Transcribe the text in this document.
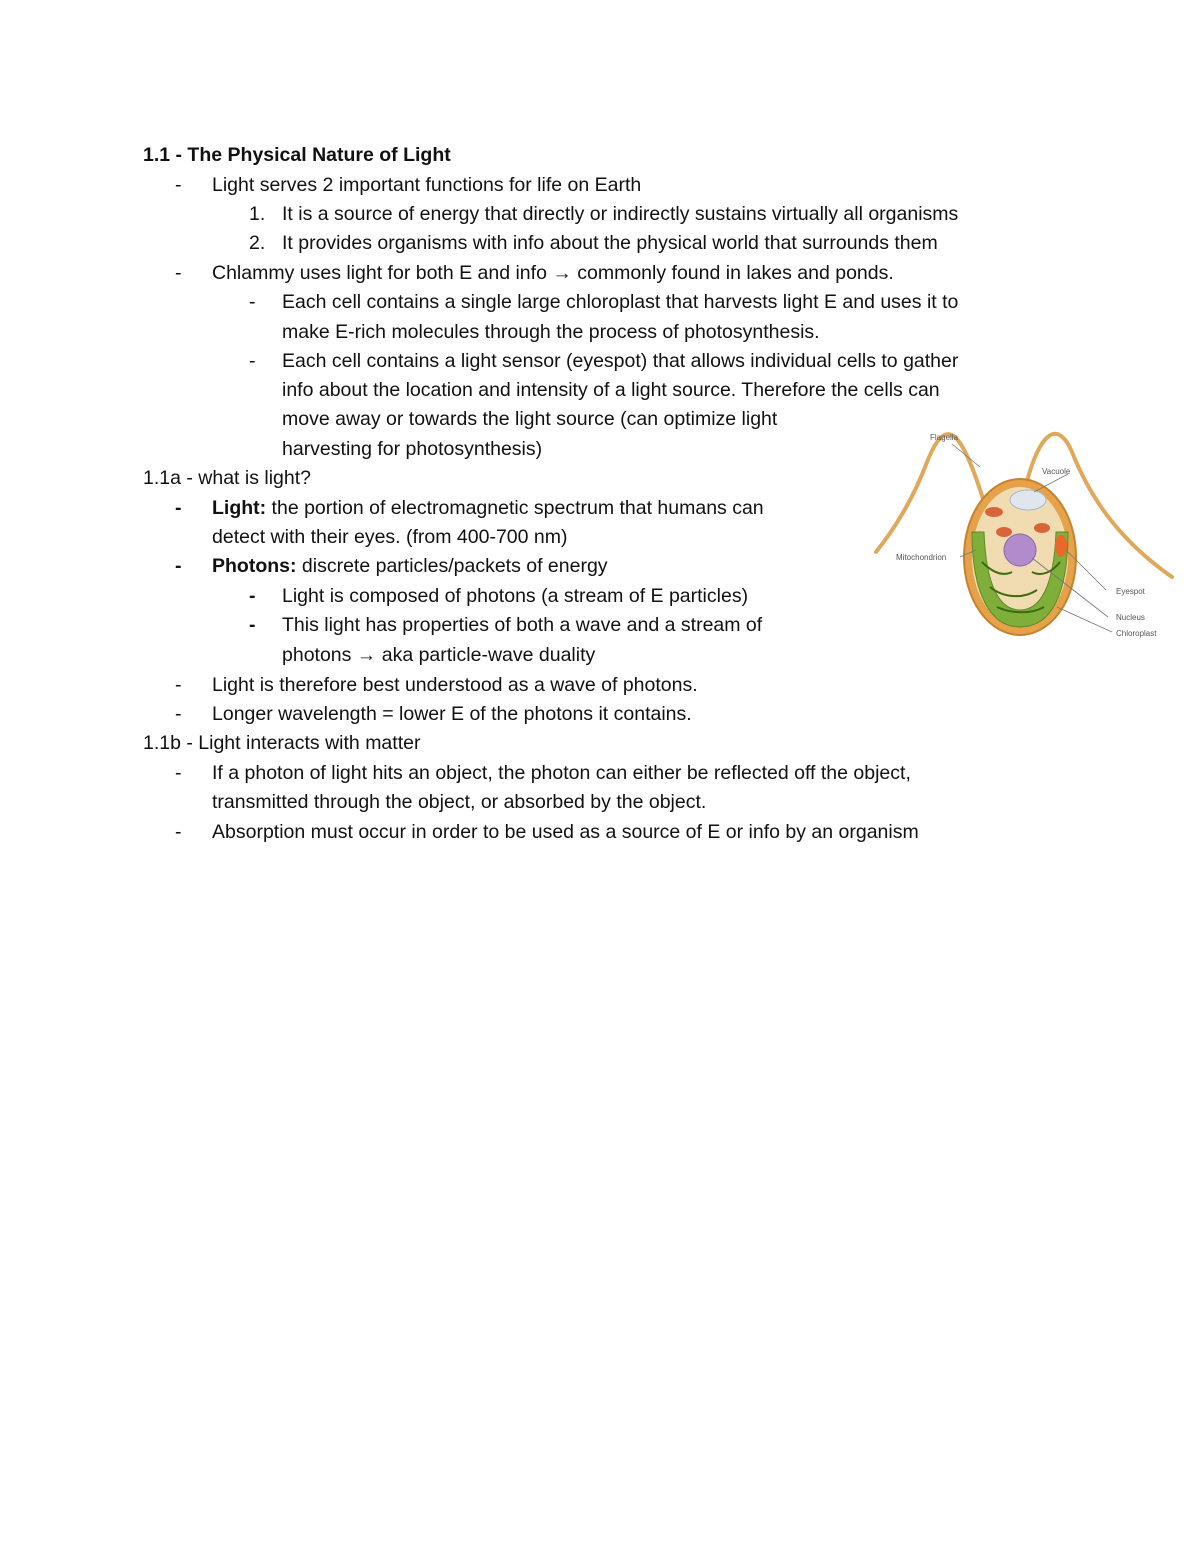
1.1 - The Physical Nature of Light
- Light serves 2 important functions for life on Earth
1. It is a source of energy that directly or indirectly sustains virtually all organisms
2. It provides organisms with info about the physical world that surrounds them
- Chlammy uses light for both E and info → commonly found in lakes and ponds.
- Each cell contains a single large chloroplast that harvests light E and uses it to
make E-rich molecules through the process of photosynthesis.
- Each cell contains a light sensor (eyespot) that allows individual cells to gather
info about the location and intensity of a light source. Therefore the cells can
move away or towards the light source (can optimize light
harvesting for photosynthesis)
1.1a - what is light?
- Light: the portion of electromagnetic spectrum that humans can
detect with their eyes. (from 400-700 nm)
- Photons: discrete particles/packets of energy
- Light is composed of photons (a stream of E particles)
- This light has properties of both a wave and a stream of
photons → aka particle-wave duality
- Light is therefore best understood as a wave of photons.
- Longer wavelength = lower E of the photons it contains.
1.1b - Light interacts with matter
- If a photon of light hits an object, the photon can either be reflected off the object,
transmitted through the object, or absorbed by the object.
- Absorption must occur in order to be used as a source of E or info by an organism
Flagella
Vacuole
Mitochondrion
Eyespot
Nucleus
Chloroplast
